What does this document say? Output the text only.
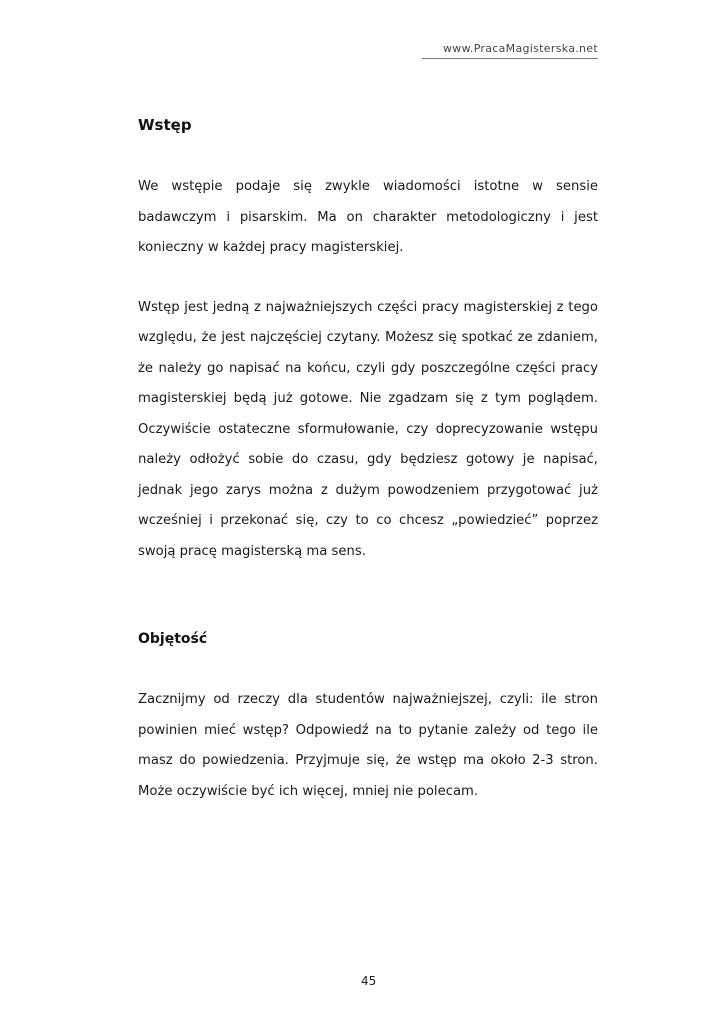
www.PracaMagisterska.net
Wstęp

We wstępie podaje się zwykle wiadomości istotne w sensie badawczym i pisarskim. Ma on charakter metodologiczny i jest konieczny w każdej pracy magisterskiej.

Wstęp jest jedną z najważniejszych części pracy magisterskiej z tego względu, że jest najczęściej czytany. Możesz się spotkać ze zdaniem, że należy go napisać na końcu, czyli gdy poszczególne części pracy magisterskiej będą już gotowe. Nie zgadzam się z tym poglądem. Oczywiście ostateczne sformułowanie, czy doprecyzowanie wstępu należy odłożyć sobie do czasu, gdy będziesz gotowy je napisać, jednak jego zarys można z dużym powodzeniem przygotować już wcześniej i przekonać się, czy to co chcesz „powiedzieć” poprzez swoją pracę magisterską ma sens.

Objętość

Zacznijmy od rzeczy dla studentów najważniejszej, czyli: ile stron powinien mieć wstęp? Odpowiedź na to pytanie zależy od tego ile masz do powiedzenia. Przyjmuje się, że wstęp ma około 2-3 stron. Może oczywiście być ich więcej, mniej nie polecam.

45
